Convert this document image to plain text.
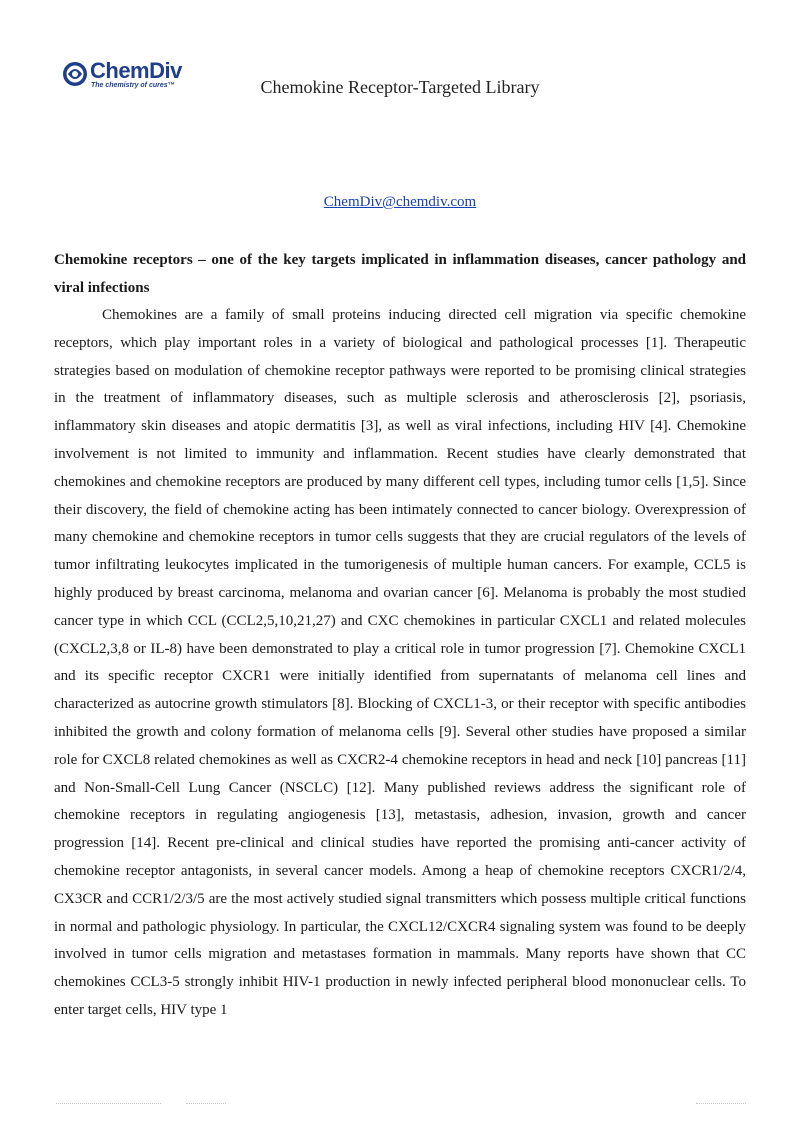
ChemDiv
The chemistry of cures™	Chemokine Receptor-Targeted Library
ChemDiv@chemdiv.com
Chemokine receptors – one of the key targets implicated in inflammation diseases, cancer pathology and viral infections

Chemokines are a family of small proteins inducing directed cell migration via specific chemokine receptors, which play important roles in a variety of biological and pathological processes [1]. Therapeutic strategies based on modulation of chemokine receptor pathways were reported to be promising clinical strategies in the treatment of inflammatory diseases, such as multiple sclerosis and atherosclerosis [2], psoriasis, inflammatory skin diseases and atopic dermatitis [3], as well as viral infections, including HIV [4]. Chemokine involvement is not limited to immunity and inflammation. Recent studies have clearly demonstrated that chemokines and chemokine receptors are produced by many different cell types, including tumor cells [1,5]. Since their discovery, the field of chemokine acting has been intimately connected to cancer biology. Overexpression of many chemokine and chemokine receptors in tumor cells suggests that they are crucial regulators of the levels of tumor infiltrating leukocytes implicated in the tumorigenesis of multiple human cancers. For example, CCL5 is highly produced by breast carcinoma, melanoma and ovarian cancer [6]. Melanoma is probably the most studied cancer type in which CCL (CCL2,5,10,21,27) and CXC chemokines in particular CXCL1 and related molecules (CXCL2,3,8 or IL-8) have been demonstrated to play a critical role in tumor progression [7]. Chemokine CXCL1 and its specific receptor CXCR1 were initially identified from supernatants of melanoma cell lines and characterized as autocrine growth stimulators [8]. Blocking of CXCL1-3, or their receptor with specific antibodies inhibited the growth and colony formation of melanoma cells [9]. Several other studies have proposed a similar role for CXCL8 related chemokines as well as CXCR2-4 chemokine receptors in head and neck [10] pancreas [11] and Non-Small-Cell Lung Cancer (NSCLC) [12]. Many published reviews address the significant role of chemokine receptors in regulating angiogenesis [13], metastasis, adhesion, invasion, growth and cancer progression [14]. Recent pre-clinical and clinical studies have reported the promising anti-cancer activity of chemokine receptor antagonists, in several cancer models. Among a heap of chemokine receptors CXCR1/2/4, CX3CR and CCR1/2/3/5 are the most actively studied signal transmitters which possess multiple critical functions in normal and pathologic physiology. In particular, the CXCL12/CXCR4 signaling system was found to be deeply involved in tumor cells migration and metastases formation in mammals. Many reports have shown that CC chemokines CCL3-5 strongly inhibit HIV-1 production in newly infected peripheral blood mononuclear cells. To enter target cells, HIV type 1
